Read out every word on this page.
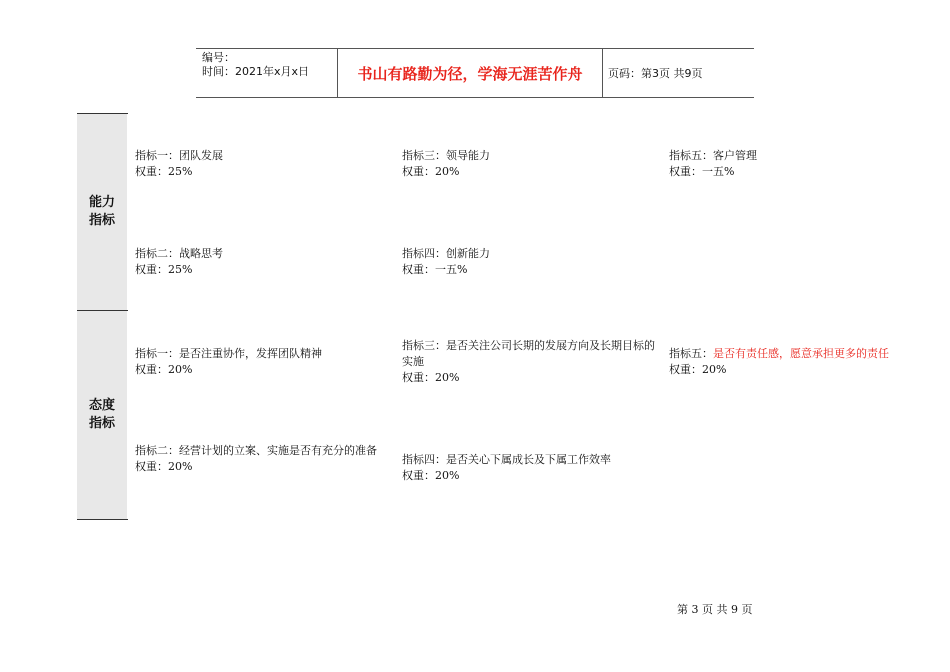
编号：
时间：2021年x月x日	书山有路勤为径，学海无涯苦作舟	页码：第3页 共9页
能力
指标
指标一：团队发展
权重：25%
指标三：领导能力
权重：20%
指标五：客户管理
权重：一五%
指标二：战略思考
权重：25%
指标四：创新能力
权重：一五%
态度
指标
指标一：是否注重协作，发挥团队精神
权重：20%
指标三：是否关注公司长期的发展方向及长期目标的实施
权重：20%
指标五：是否有责任感，愿意承担更多的责任
权重：20%
指标二：经营计划的立案、实施是否有充分的准备
权重：20%
指标四：是否关心下属成长及下属工作效率
权重：20%
第 3 页 共 9 页
